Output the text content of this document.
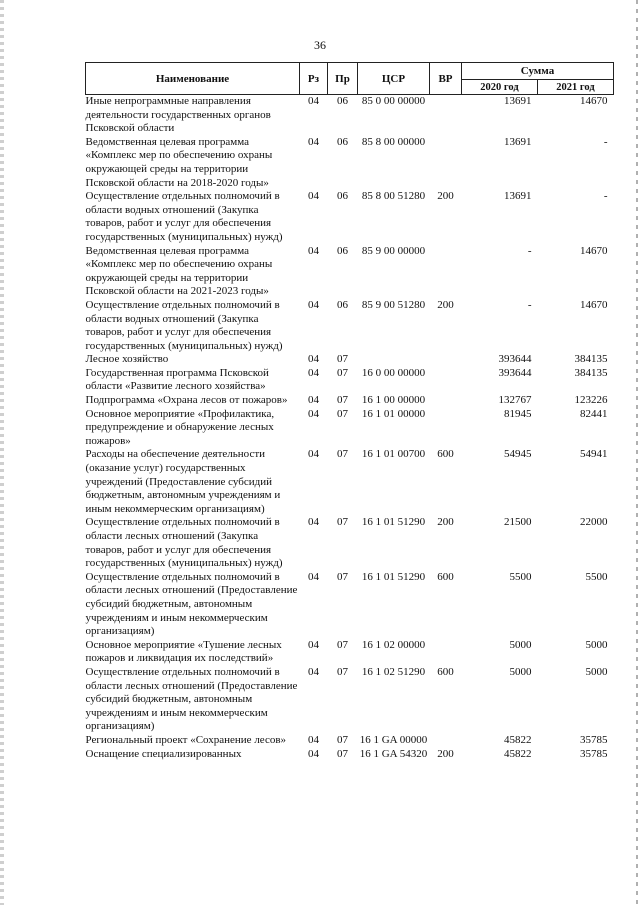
36
Наименование	Рз	Пр	ЦСР	ВР	Сумма	
					2020 год	2021 год
Иные непрограммные направления деятельности государственных органов Псковской области	04	06	85 0 00 00000		13691	14670
Ведомственная целевая программа «Комплекс мер по обеспечению охраны окружающей среды на территории Псковской области на 2018-2020 годы»	04	06	85 8 00 00000		13691	-
Осуществление отдельных полномочий в области водных отношений (Закупка товаров, работ и услуг для обеспечения государственных (муниципальных) нужд)	04	06	85 8 00 51280	200	13691	-
Ведомственная целевая программа «Комплекс мер по обеспечению охраны окружающей среды на территории Псковской области на 2021-2023 годы»	04	06	85 9 00 00000		-	14670
Осуществление отдельных полномочий в области водных отношений (Закупка товаров, работ и услуг для обеспечения государственных (муниципальных) нужд)	04	06	85 9 00 51280	200	-	14670
Лесное хозяйство	04	07			393644	384135
Государственная программа Псковской области «Развитие лесного хозяйства»	04	07	16 0 00 00000		393644	384135
Подпрограмма «Охрана лесов от пожаров»	04	07	16 1 00 00000		132767	123226
Основное мероприятие «Профилактика, предупреждение и обнаружение лесных пожаров»	04	07	16 1 01 00000		81945	82441
Расходы на обеспечение деятельности (оказание услуг) государственных учреждений (Предоставление субсидий бюджетным, автономным учреждениям и иным некоммерческим организациям)	04	07	16 1 01 00700	600	54945	54941
Осуществление отдельных полномочий в области лесных отношений (Закупка товаров, работ и услуг для обеспечения государственных (муниципальных) нужд)	04	07	16 1 01 51290	200	21500	22000
Осуществление отдельных полномочий в области лесных отношений (Предоставление субсидий бюджетным, автономным учреждениям и иным некоммерческим организациям)	04	07	16 1 01 51290	600	5500	5500
Основное мероприятие «Тушение лесных пожаров и ликвидация их последствий»	04	07	16 1 02 00000		5000	5000
Осуществление отдельных полномочий в области лесных отношений (Предоставление субсидий бюджетным, автономным учреждениям и иным некоммерческим организациям)	04	07	16 1 02 51290	600	5000	5000
Региональный проект «Сохранение лесов»	04	07	16 1 GA 00000		45822	35785
Оснащение специализированных	04	07	16 1 GA 54320	200	45822	35785
